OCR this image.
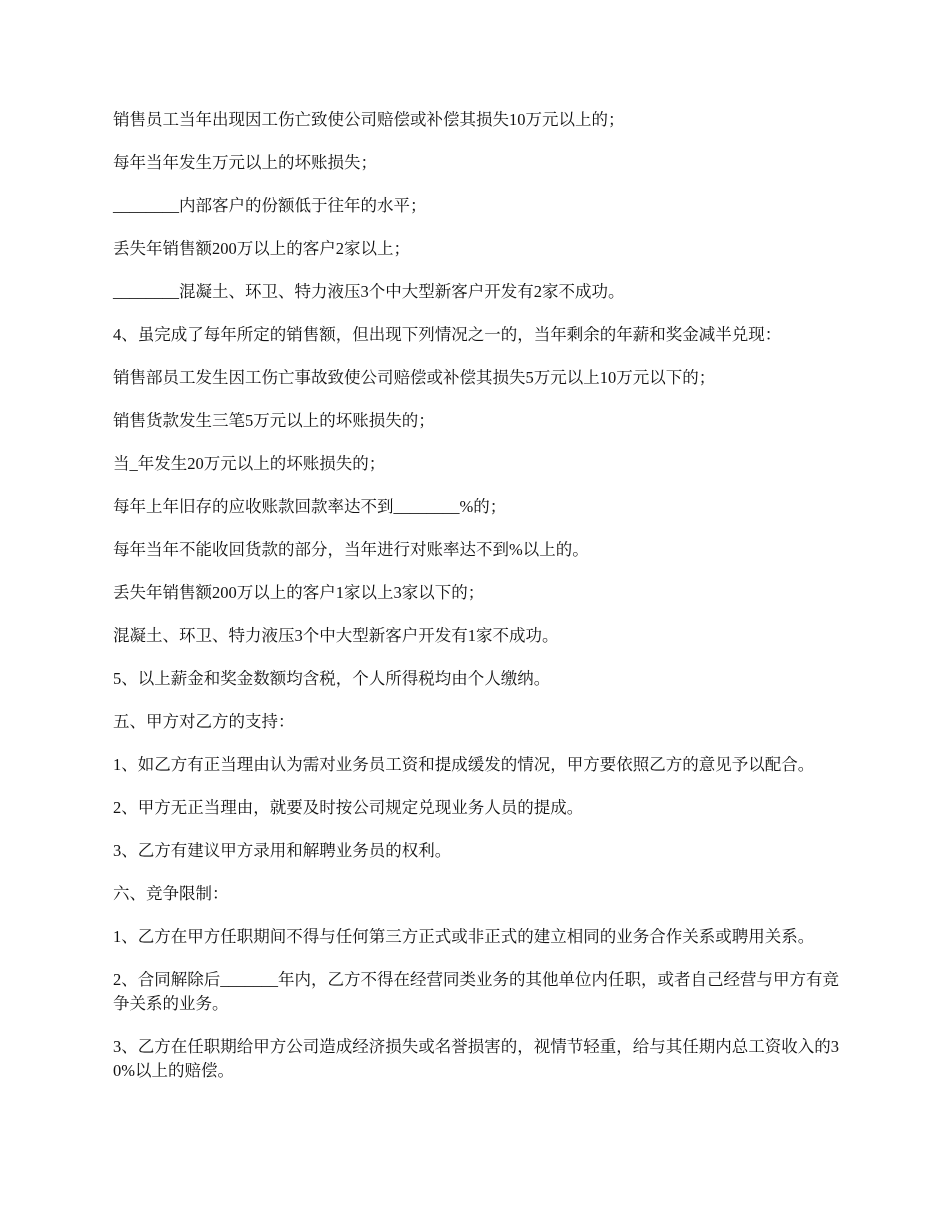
销售员工当年出现因工伤亡致使公司赔偿或补偿其损失10万元以上的；

每年当年发生万元以上的坏账损失；

________内部客户的份额低于往年的水平；

丢失年销售额200万以上的客户2家以上；

________混凝土、环卫、特力液压3个中大型新客户开发有2家不成功。

4、虽完成了每年所定的销售额，但出现下列情况之一的，当年剩余的年薪和奖金减半兑现：

销售部员工发生因工伤亡事故致使公司赔偿或补偿其损失5万元以上10万元以下的；

销售货款发生三笔5万元以上的坏账损失的；

当_年发生20万元以上的坏账损失的；

每年上年旧存的应收账款回款率达不到________%的；

每年当年不能收回货款的部分，当年进行对账率达不到%以上的。

丢失年销售额200万以上的客户1家以上3家以下的；

混凝土、环卫、特力液压3个中大型新客户开发有1家不成功。

5、以上薪金和奖金数额均含税，个人所得税均由个人缴纳。

五、甲方对乙方的支持：

1、如乙方有正当理由认为需对业务员工资和提成缓发的情况，甲方要依照乙方的意见予以配合。

2、甲方无正当理由，就要及时按公司规定兑现业务人员的提成。

3、乙方有建议甲方录用和解聘业务员的权利。

六、竞争限制：

1、乙方在甲方任职期间不得与任何第三方正式或非正式的建立相同的业务合作关系或聘用关系。

2、合同解除后_______年内，乙方不得在经营同类业务的其他单位内任职，或者自己经营与甲方有竞争关系的业务。

3、乙方在任职期给甲方公司造成经济损失或名誉损害的，视情节轻重，给与其任期内总工资收入的30%以上的赔偿。
